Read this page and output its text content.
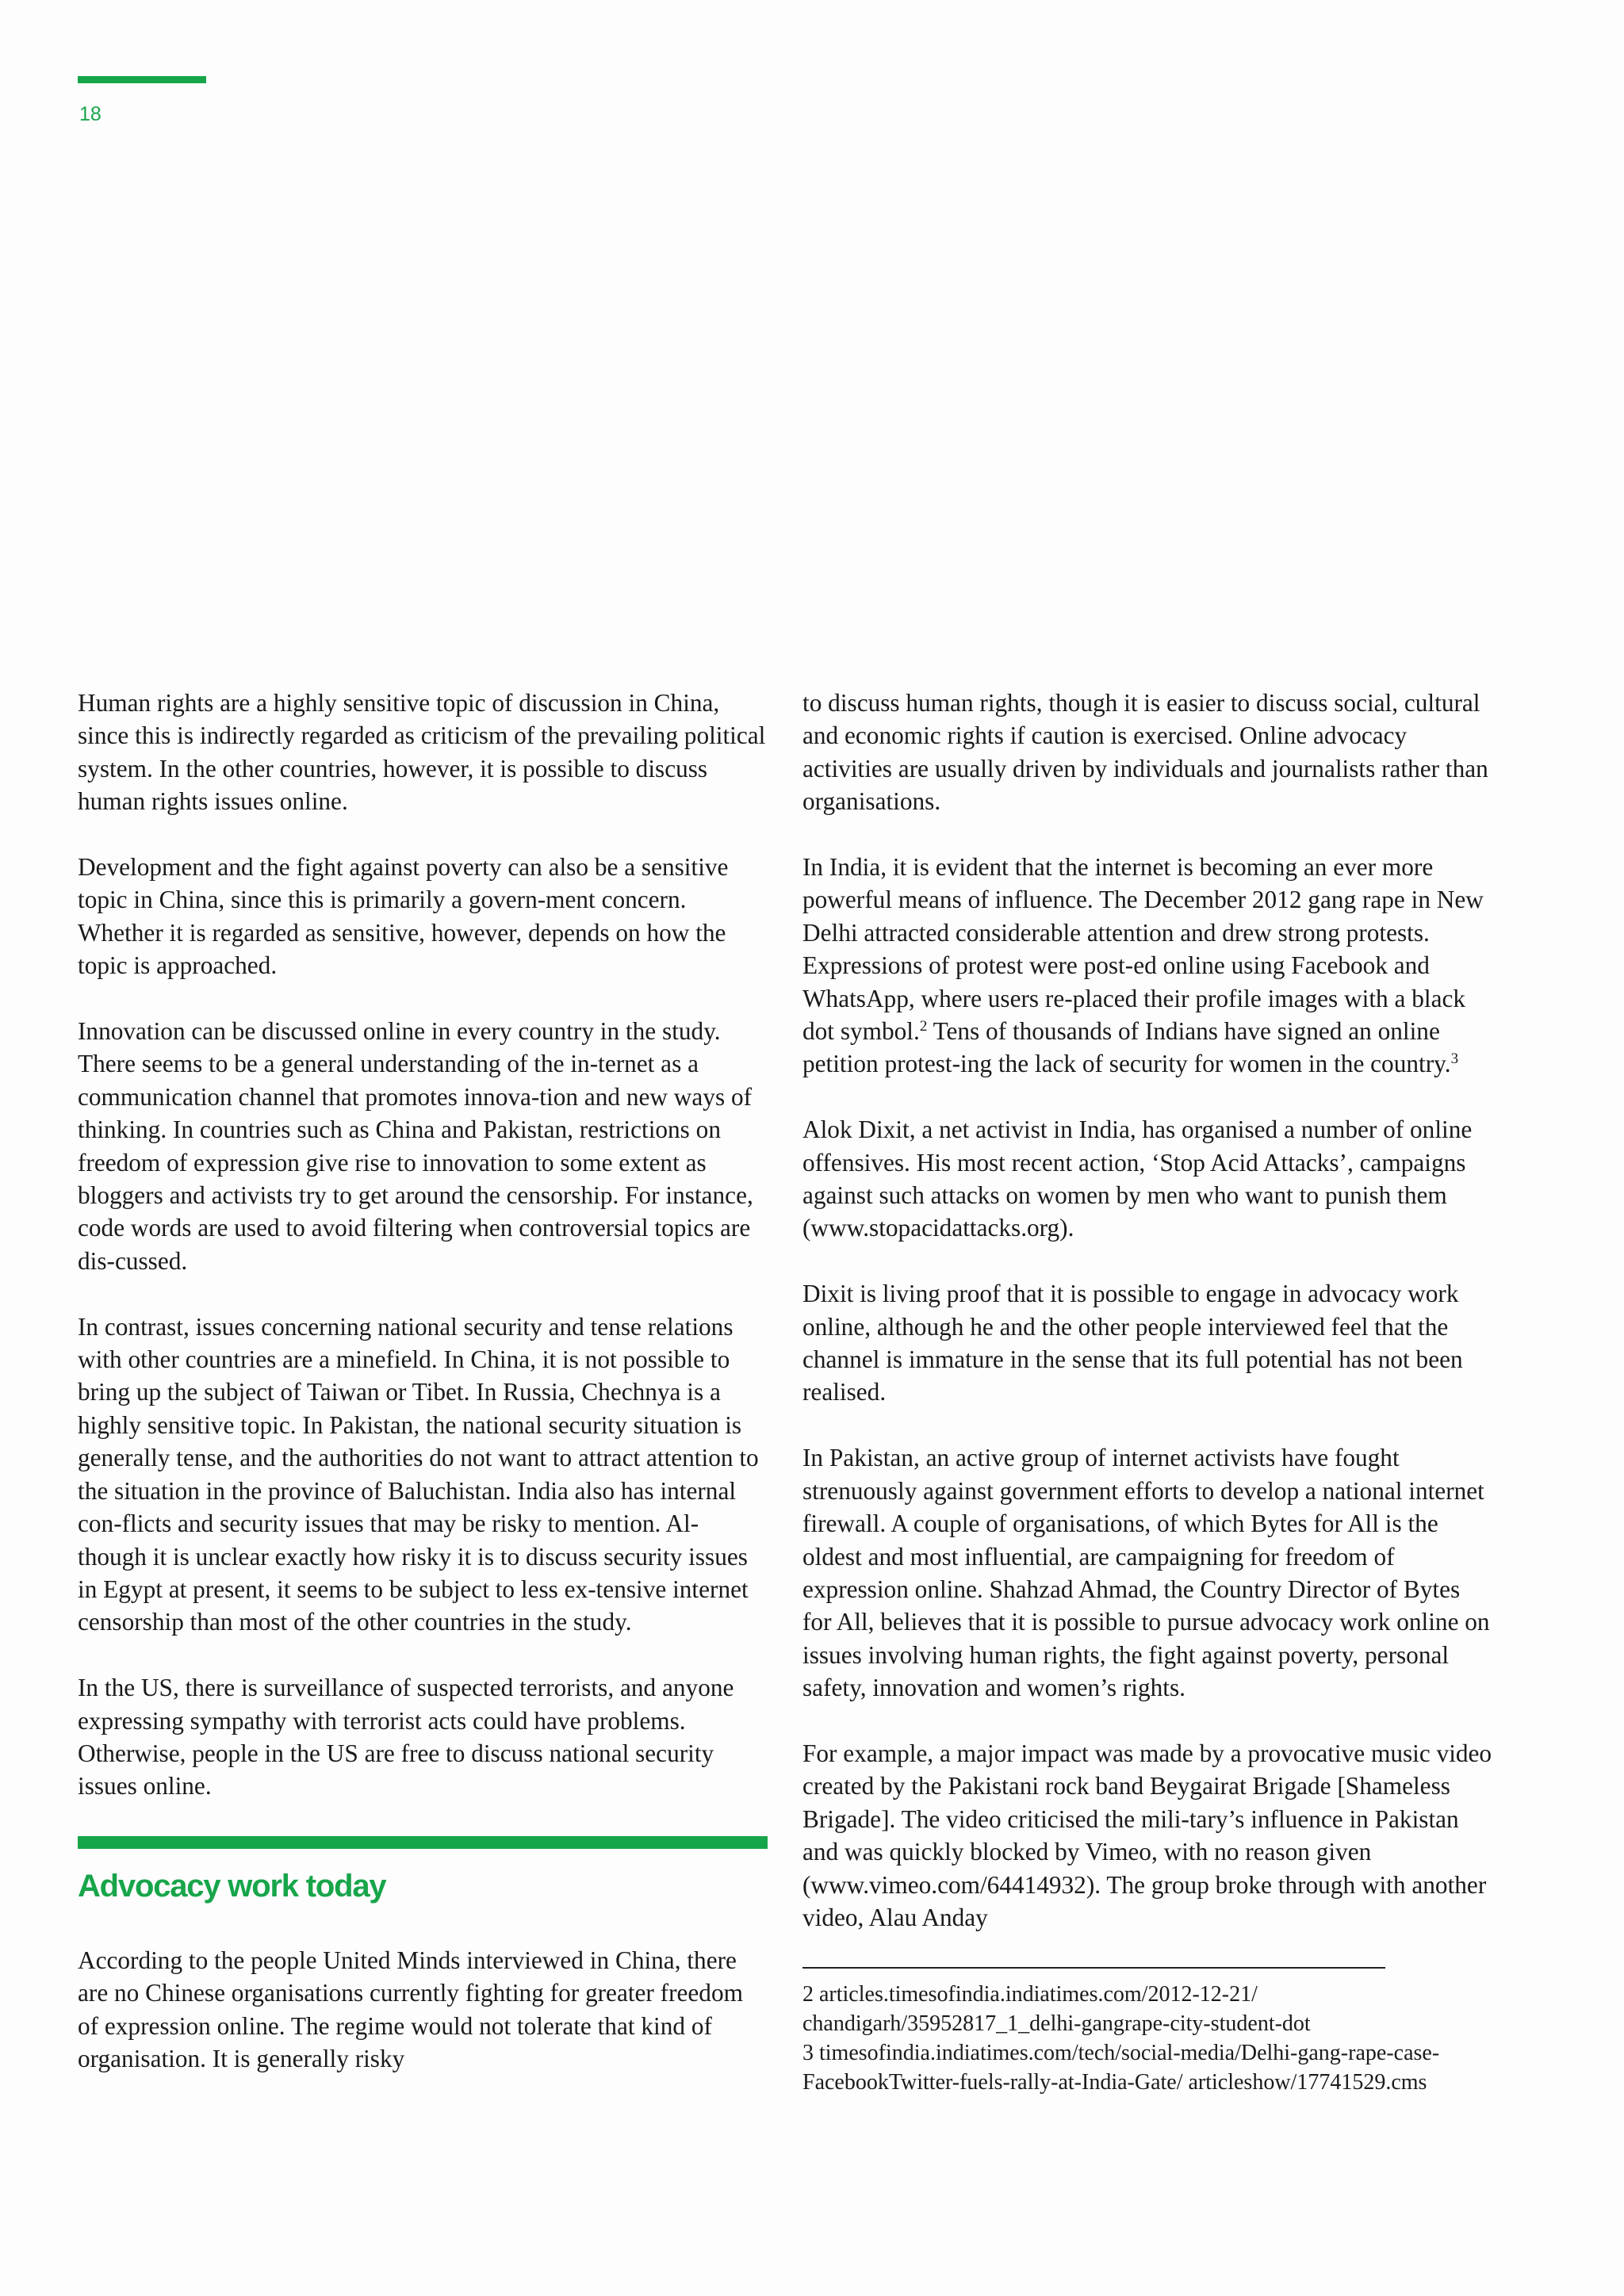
18

Human rights are a highly sensitive topic of discussion in China, since this is indirectly regarded as criticism of the prevailing political system. In the other countries, however, it is possible to discuss human rights issues online.

Development and the fight against poverty can also be a sensitive topic in China, since this is primarily a govern-ment concern. Whether it is regarded as sensitive, however, depends on how the topic is approached.

Innovation can be discussed online in every country in the study. There seems to be a general understanding of the in-ternet as a communication channel that promotes innova-tion and new ways of thinking. In countries such as China and Pakistan, restrictions on freedom of expression give rise to innovation to some extent as bloggers and activists try to get around the censorship. For instance, code words are used to avoid filtering when controversial topics are dis-cussed.

In contrast, issues concerning national security and tense relations with other countries are a minefield. In China, it is not possible to bring up the subject of Taiwan or Tibet. In Russia, Chechnya is a highly sensitive topic. In Pakistan, the national security situation is generally tense, and the authorities do not want to attract attention to the situation in the province of Baluchistan. India also has internal con-flicts and security issues that may be risky to mention. Al-though it is unclear exactly how risky it is to discuss security issues in Egypt at present, it seems to be subject to less ex-tensive internet censorship than most of the other countries in the study.

In the US, there is surveillance of suspected terrorists, and anyone expressing sympathy with terrorist acts could have problems. Otherwise, people in the US are free to discuss national security issues online.

Advocacy work today

According to the people United Minds interviewed in China, there are no Chinese organisations currently fighting for greater freedom of expression online. The regime would not tolerate that kind of organisation. It is generally risky

to discuss human rights, though it is easier to discuss social, cultural and economic rights if caution is exercised. Online advocacy activities are usually driven by individuals and journalists rather than organisations.

In India, it is evident that the internet is becoming an ever more powerful means of influence. The December 2012 gang rape in New Delhi attracted considerable attention and drew strong protests. Expressions of protest were post-ed online using Facebook and WhatsApp, where users re-placed their profile images with a black dot symbol.$^2$ Tens of thousands of Indians have signed an online petition protest-ing the lack of security for women in the country.$^3$

Alok Dixit, a net activist in India, has organised a number of online offensives. His most recent action, ‘Stop Acid Attacks’, campaigns against such attacks on women by men who want to punish them (www.stopacidattacks.org).

Dixit is living proof that it is possible to engage in advocacy work online, although he and the other people interviewed feel that the channel is immature in the sense that its full potential has not been realised.

In Pakistan, an active group of internet activists have fought strenuously against government efforts to develop a national internet firewall. A couple of organisations, of which Bytes for All is the oldest and most influential, are campaigning for freedom of expression online. Shahzad Ahmad, the Country Director of Bytes for All, believes that it is possible to pursue advocacy work online on issues involving human rights, the fight against poverty, personal safety, innovation and women’s rights.

For example, a major impact was made by a provocative music video created by the Pakistani rock band Beygairat Brigade [Shameless Brigade]. The video criticised the mili-tary’s influence in Pakistan and was quickly blocked by Vimeo, with no reason given (www.vimeo.com/64414932). The group broke through with another video, Alau Anday

2 articles.timesofindia.indiatimes.com/2012-12-21/ chandigarh/35952817_1_delhi-gangrape-city-student-dot
3 timesofindia.indiatimes.com/tech/social-media/Delhi-gang-rape-case-FacebookTwitter-fuels-rally-at-India-Gate/ articleshow/17741529.cms
